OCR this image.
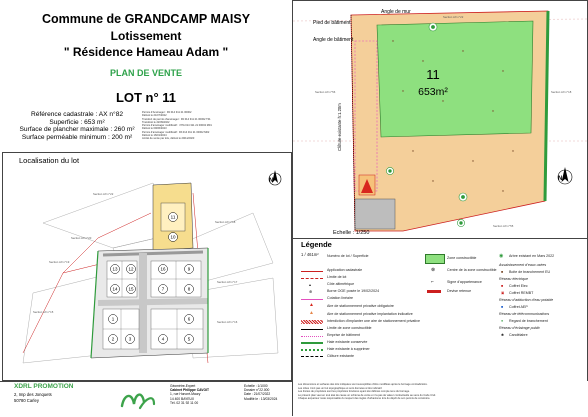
Commune de GRANDCAMP MAISY
Lotissement
" Résidence Hameau Adam "
PLAN DE VENTE
LOT n° 11
Référence cadastrale : AX n°82
Superficie : 653 m²
Surface de plancher maximale : 260 m²
Surface perméable minimum : 200 m²
Permis d'Aménager : PA 014 311 21 00002
Délivré le 21/07/2022
Transfert de permis d'aménager : PA 014 311 21 00002 T01
Transféré le 22/09/2022
Permis d'aménager modificatif : n°PA 014 311 21 00002 M01
Délivré le 09/06/2023
Permis d'aménager modificatif : PA 014 311 21 00002 M02
Délivré le 16/01/2024
Arrêté de vente par lots, délivré le 29/11/2023
Localisation du lot
N
11
10
13 12
14 15
16	9
8
7
1
2	3	4	5
6
Section AX n°22
Section AX n°18
Section AX n°20
Section AX n°19
Section AX n°17
Section AX n°16
Section AX n°15
XDRL PROMOTION
2, Imp des Jonquets
50780 Carley
Géomètre-Expert
Cabinet Philippe CAVOIT
1, rue Honoré-Maury
14 400 BAYEUX
Tél. 02 31 92 11 00
Echelle : 1/1000
Dossier n°22.000
Date : 21/07/2022
Modifié le : 13/03/2024
11
653m²
Pied de bâtiment
Angle de mur
Angle de bâtiment
Clôture existante h:1.20m
Section AX n°22
Section AX n°56	Section AX n°18
Section AX n°55
N
Echelle : 1/250
Légende
1 / 461m² Numéro de lot / Superficie
Application cadastrale
Limite de lot
▴	Côte altimétrique
⊕	Borne OGE posée le 19/02/2024
Cotation linéaire
▲	Aire de stationnement privative obligatoire
▲	Aire de stationnement privative implantation indicative
Interdiction d'implanter une aire de stationnement privative
Limite de zone constructible
Emprise de bâtiment
Haie existante conservée
Haie existante à supprimer
Clôture existante
Zone constructible
⊗	Centre de la zone constructible
⌐	Signe d'appartenance
Devise retenue
◉ Arbre existant en Mars 2022
Assainissement d'eaux usées
■ Boite de branchement EU
Réseau électrique
■ Coffret Elec
▣ Coffret REMBT
Réseau d'adduction d'eau potable
■ Coffret AEP
Réseau de télécommunications
● Regard de branchement
Réseau d'éclairage public
✱ Candélabre
Les dimensions et surfaces des lots indiquées sont susceptibles d'être modifiées après le bornage contradictoire.
Les côtes n'ont pas un but topographique et sont données à titre indicatif.
Les limites de propriétés sont les propriétés foncières ayant été définies compte tenu du bornage.
Le présent plan vaut en tout état de cause un schéma de vente et n'a pas de valeur contractuelle au sens du Code Civil.
Chaque acquéreur reste responsable du respect des règles d'urbanisme lors du dépôt de son permis de construire.
